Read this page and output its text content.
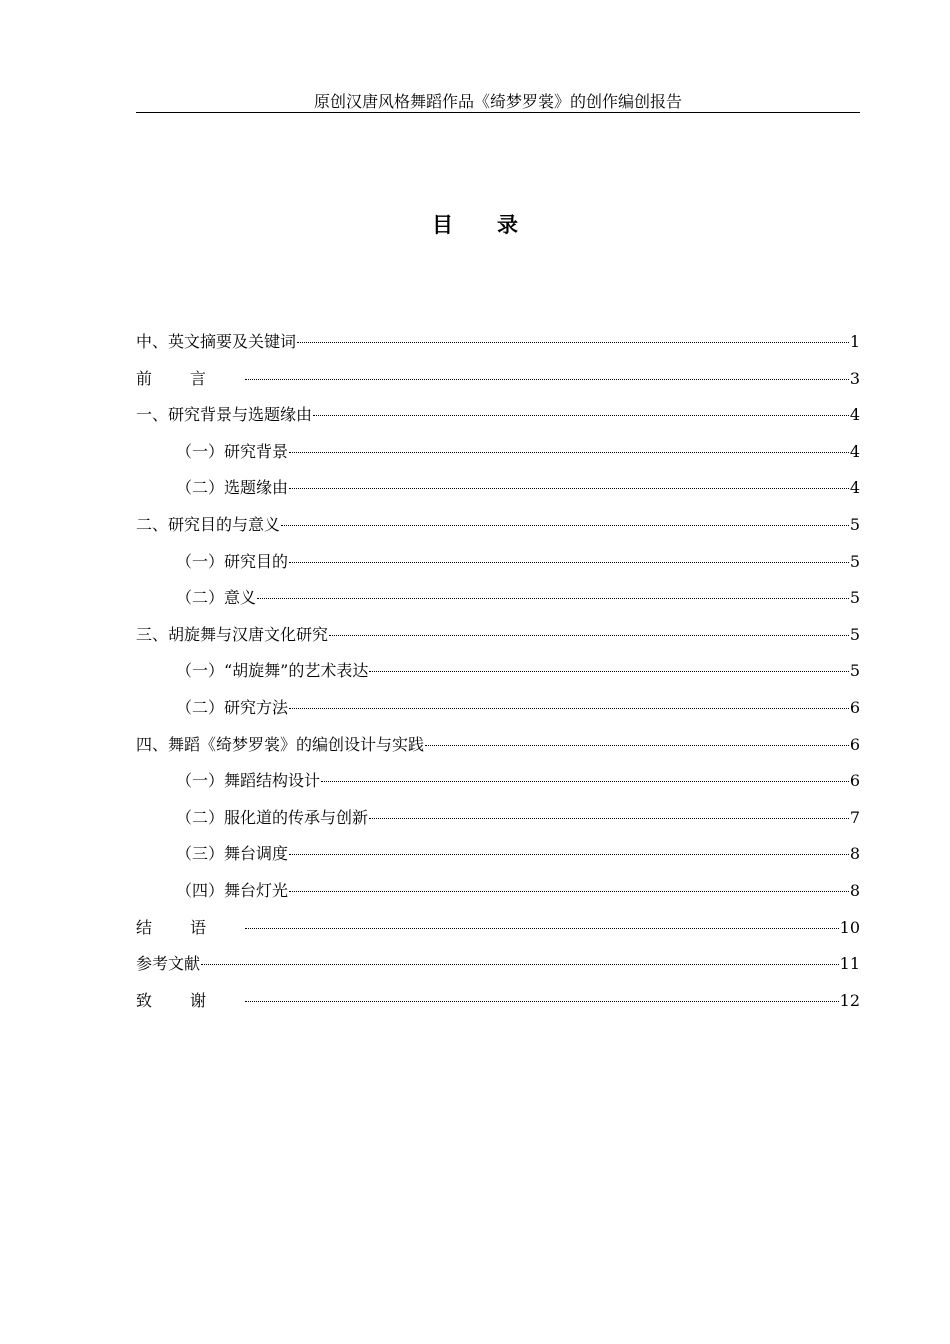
原创汉唐风格舞蹈作品《绮梦罗裳》的创作编创报告
目录
中、英文摘要及关键词	1
前言	3
一、研究背景与选题缘由	4
（一）研究背景	4
（二）选题缘由	4
二、研究目的与意义	5
（一）研究目的	5
（二）意义	5
三、胡旋舞与汉唐文化研究	5
（一）“胡旋舞”的艺术表达	5
（二）研究方法	6
四、舞蹈《绮梦罗裳》的编创设计与实践	6
（一）舞蹈结构设计	6
（二）服化道的传承与创新	7
（三）舞台调度	8
（四）舞台灯光	8
结语	10
参考文献	11
致谢	12
